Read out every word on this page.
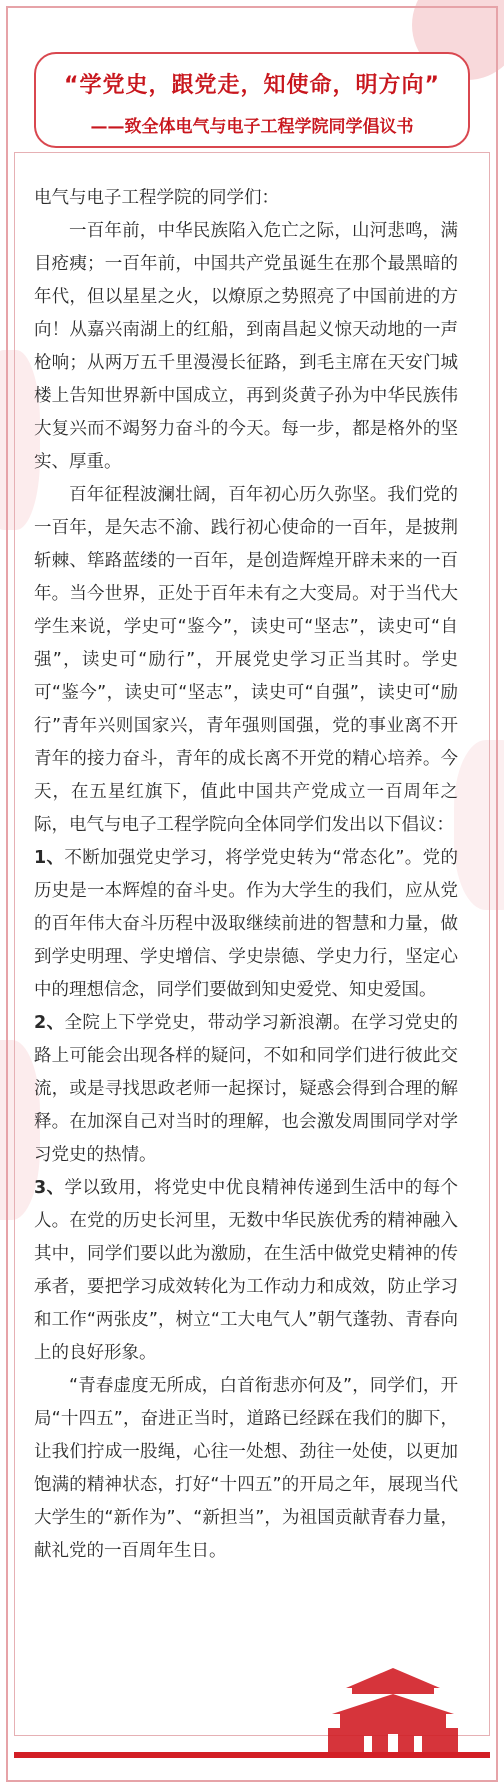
“学党史，跟党走，知使命，明方向”
——致全体电气与电子工程学院同学倡议书

电气与电子工程学院的同学们：

一百年前，中华民族陷入危亡之际，山河悲鸣，满目疮痍；一百年前，中国共产党虽诞生在那个最黑暗的年代，但以星星之火，以燎原之势照亮了中国前进的方向！从嘉兴南湖上的红船，到南昌起义惊天动地的一声枪响；从两万五千里漫漫长征路，到毛主席在天安门城楼上告知世界新中国成立，再到炎黄子孙为中华民族伟大复兴而不竭努力奋斗的今天。每一步，都是格外的坚实、厚重。

百年征程波澜壮阔，百年初心历久弥坚。我们党的一百年，是矢志不渝、践行初心使命的一百年，是披荆斩棘、筚路蓝缕的一百年，是创造辉煌开辟未来的一百年。当今世界，正处于百年未有之大变局。对于当代大学生来说，学史可“鉴今”，读史可“坚志”，读史可“自强”，读史可“励行”，开展党史学习正当其时。学史可“鉴今”，读史可“坚志”，读史可“自强”，读史可“励行”青年兴则国家兴，青年强则国强，党的事业离不开青年的接力奋斗，青年的成长离不开党的精心培养。今天，在五星红旗下，值此中国共产党成立一百周年之际，电气与电子工程学院向全体同学们发出以下倡议：

1、不断加强党史学习，将学党史转为“常态化”。党的历史是一本辉煌的奋斗史。作为大学生的我们，应从党的百年伟大奋斗历程中汲取继续前进的智慧和力量，做到学史明理、学史增信、学史崇德、学史力行，坚定心中的理想信念，同学们要做到知史爱党、知史爱国。

2、全院上下学党史，带动学习新浪潮。在学习党史的路上可能会出现各样的疑问，不如和同学们进行彼此交流，或是寻找思政老师一起探讨，疑惑会得到合理的解释。在加深自己对当时的理解，也会激发周围同学对学习党史的热情。

3、学以致用，将党史中优良精神传递到生活中的每个人。在党的历史长河里，无数中华民族优秀的精神融入其中，同学们要以此为激励，在生活中做党史精神的传承者，要把学习成效转化为工作动力和成效，防止学习和工作“两张皮”，树立“工大电气人”朝气蓬勃、青春向上的良好形象。

“青春虚度无所成，白首衔悲亦何及”，同学们，开局“十四五”，奋进正当时，道路已经踩在我们的脚下，让我们拧成一股绳，心往一处想、劲往一处使，以更加饱满的精神状态，打好“十四五”的开局之年，展现当代大学生的“新作为”、“新担当”，为祖国贡献青春力量，献礼党的一百周年生日。
